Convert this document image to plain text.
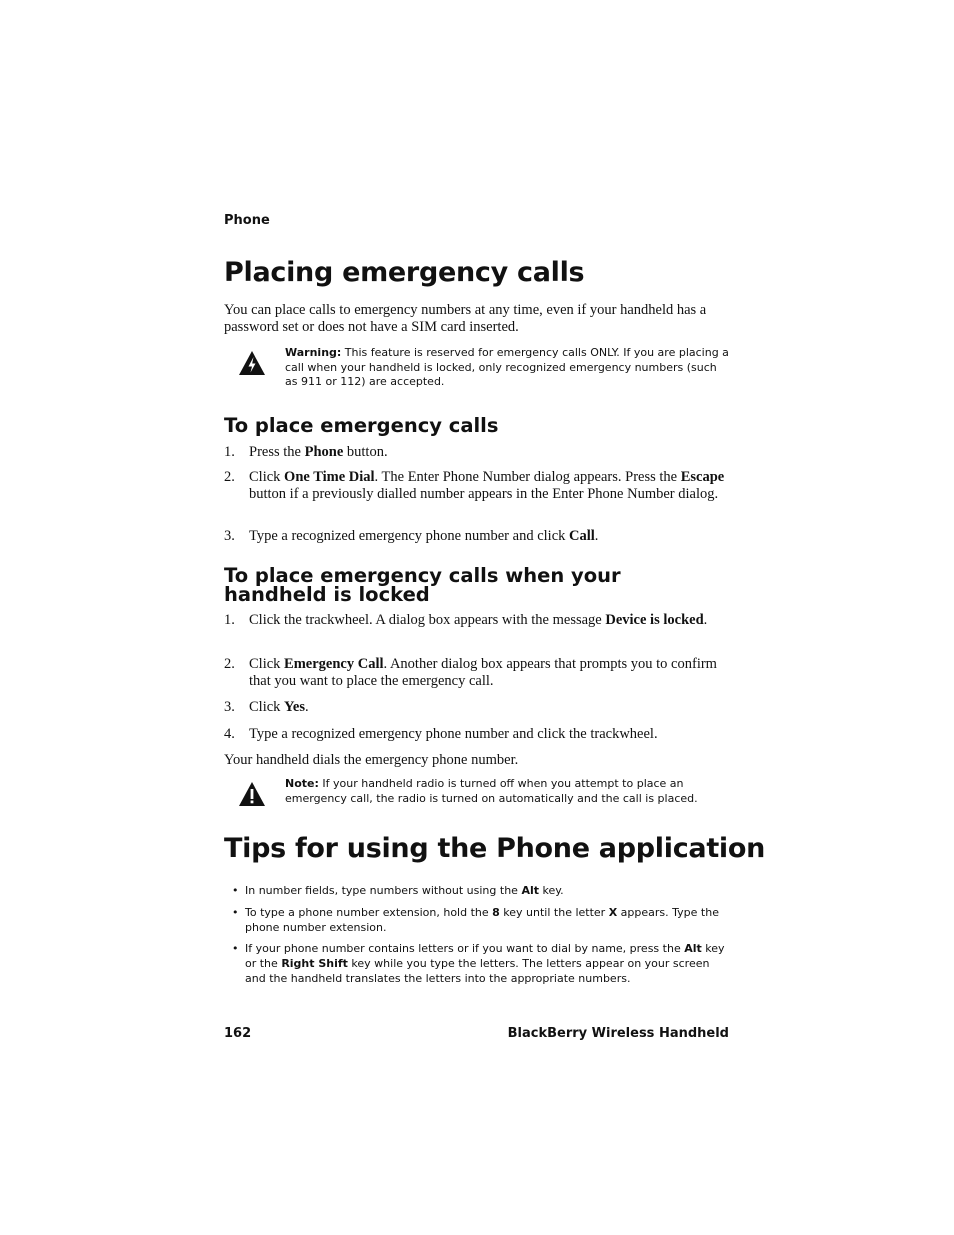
Phone
Placing emergency calls
You can place calls to emergency numbers at any time, even if your handheld has a password set or does not have a SIM card inserted.
Warning: This feature is reserved for emergency calls ONLY. If you are placing a call when your handheld is locked, only recognized emergency numbers (such as 911 or 112) are accepted.
To place emergency calls
1. Press the Phone button.
2. Click One Time Dial. The Enter Phone Number dialog appears. Press the Escape button if a previously dialled number appears in the Enter Phone Number dialog.
3. Type a recognized emergency phone number and click Call.
To place emergency calls when your handheld is locked
1. Click the trackwheel. A dialog box appears with the message Device is locked.
2. Click Emergency Call. Another dialog box appears that prompts you to confirm that you want to place the emergency call.
3. Click Yes.
4. Type a recognized emergency phone number and click the trackwheel.
Your handheld dials the emergency phone number.
Note: If your handheld radio is turned off when you attempt to place an emergency call, the radio is turned on automatically and the call is placed.
Tips for using the Phone application
• In number fields, type numbers without using the Alt key.
• To type a phone number extension, hold the 8 key until the letter X appears. Type the phone number extension.
• If your phone number contains letters or if you want to dial by name, press the Alt key or the Right Shift key while you type the letters. The letters appear on your screen and the handheld translates the letters into the appropriate numbers.
162	BlackBerry Wireless Handheld
